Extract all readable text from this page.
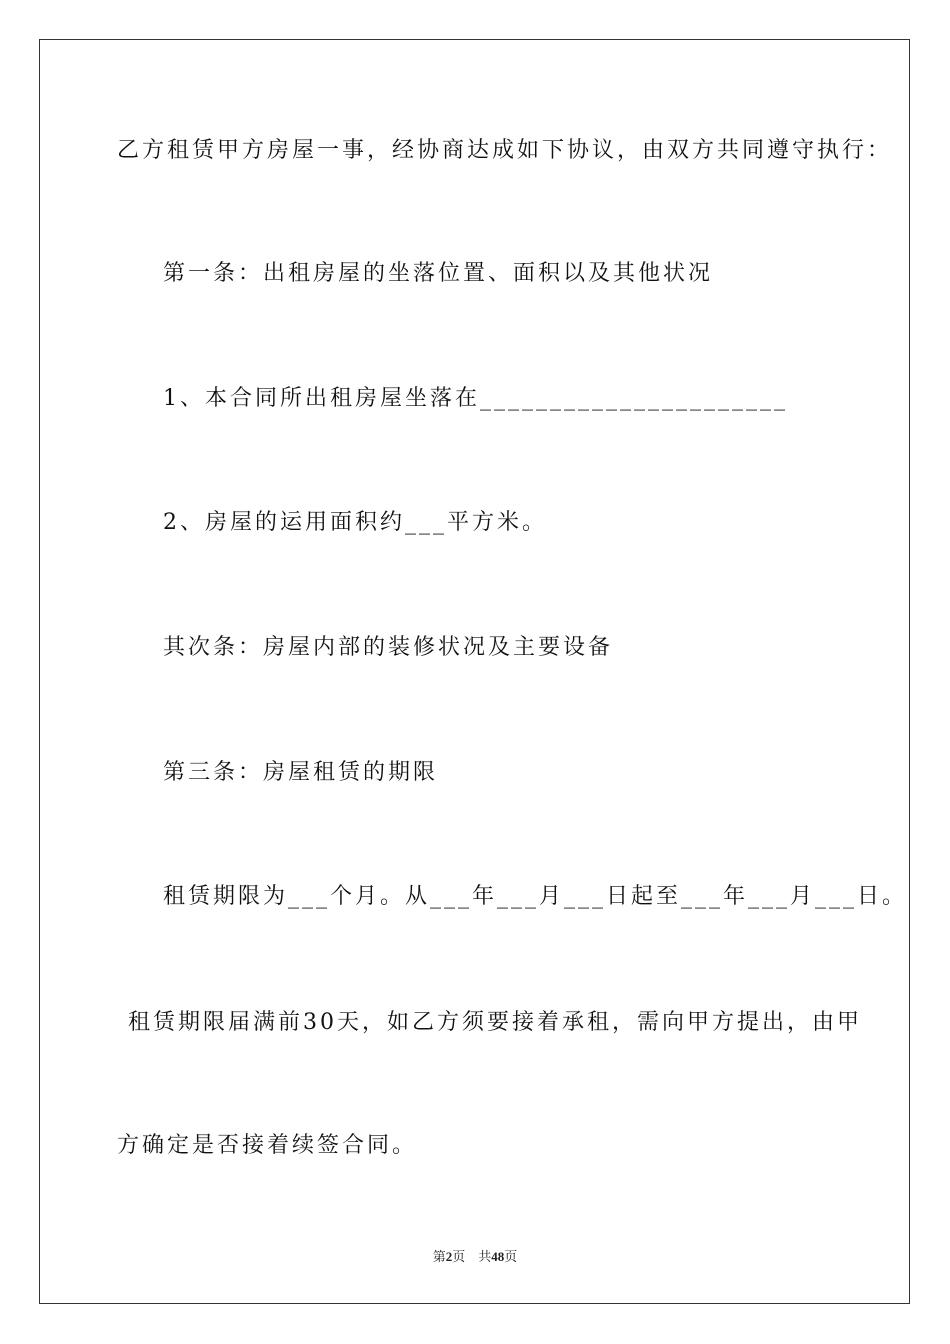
乙方租赁甲方房屋一事，经协商达成如下协议，由双方共同遵守执行：
第一条：出租房屋的坐落位置、面积以及其他状况
1、本合同所出租房屋坐落在______________________
2、房屋的运用面积约___平方米。
其次条：房屋内部的装修状况及主要设备
第三条：房屋租赁的期限
租赁期限为___个月。从___年___月___日起至___年___月___日。
租赁期限届满前30天，如乙方须要接着承租，需向甲方提出，由甲
方确定是否接着续签合同。
第2页 共48页
